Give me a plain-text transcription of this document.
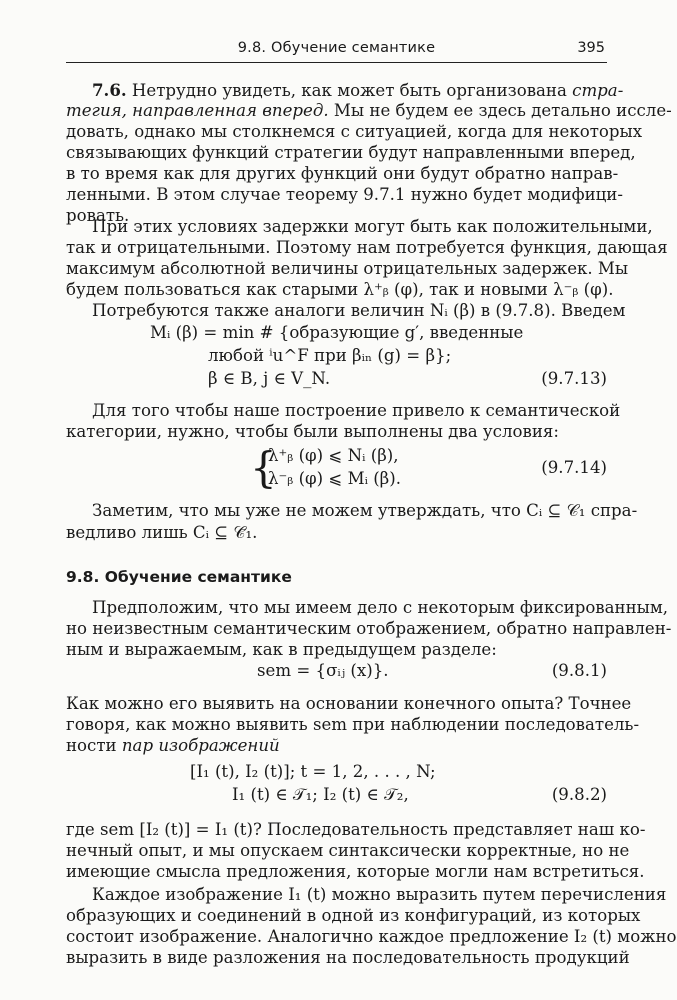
9.8. Обучение семантике	395
7.6. Нетрудно увидеть, как может быть организована стра-
тегия, направленная вперед. Мы не будем ее здесь детально иссле-
довать, однако мы столкнемся с ситуацией, когда для некоторых
связывающих функций стратегии будут направленными вперед,
в то время как для других функций они будут обратно направ-
ленными. В этом случае теорему 9.7.1 нужно будет модифици-
ровать.
При этих условиях задержки могут быть как положительными,
так и отрицательными. Поэтому нам потребуется функция, дающая
максимум абсолютной величины отрицательных задержек. Мы
будем пользоваться как старыми λ⁺ᵦ (φ), так и новыми λ⁻ᵦ (φ).
Потребуются также аналоги величин Nᵢ (β) в (9.7.8). Введем
Mᵢ (β) = min # {образующие g′, введенные
любой ⁱu^F при βᵢₙ (g) = β};
β ∈ B, j ∈ V_N.	(9.7.13)
Для того чтобы наше построение привело к семантической
категории, нужно, чтобы были выполнены два условия:
{
λ⁺ᵦ (φ) ⩽ Nᵢ (β),
λ⁻ᵦ (φ) ⩽ Mᵢ (β).
(9.7.14)
Заметим, что мы уже не можем утверждать, что Cᵢ ⊆ 𝒞₁ спра-
ведливо лишь Cᵢ ⊆ 𝒞̄₁.
9.8. Обучение семантике
Предположим, что мы имеем дело с некоторым фиксированным,
но неизвестным семантическим отображением, обратно направлен-
ным и выражаемым, как в предыдущем разделе:
sem = {σᵢⱼ (x)}.	(9.8.1)
Как можно его выявить на основании конечного опыта? Точнее
говоря, как можно выявить sem при наблюдении последователь-
ности пар изображений
[I₁ (t), I₂ (t)]; t = 1, 2, . . . , N;
I₁ (t) ∈ 𝒯₁; I₂ (t) ∈ 𝒯₂,	(9.8.2)
где sem [I₂ (t)] = I₁ (t)? Последовательность представляет наш ко-
нечный опыт, и мы опускаем синтаксически корректные, но не
имеющие смысла предложения, которые могли нам встретиться.
Каждое изображение I₁ (t) можно выразить путем перечисления
образующих и соединений в одной из конфигураций, из которых
состоит изображение. Аналогично каждое предложение I₂ (t) можно
выразить в виде разложения на последовательность продукций
